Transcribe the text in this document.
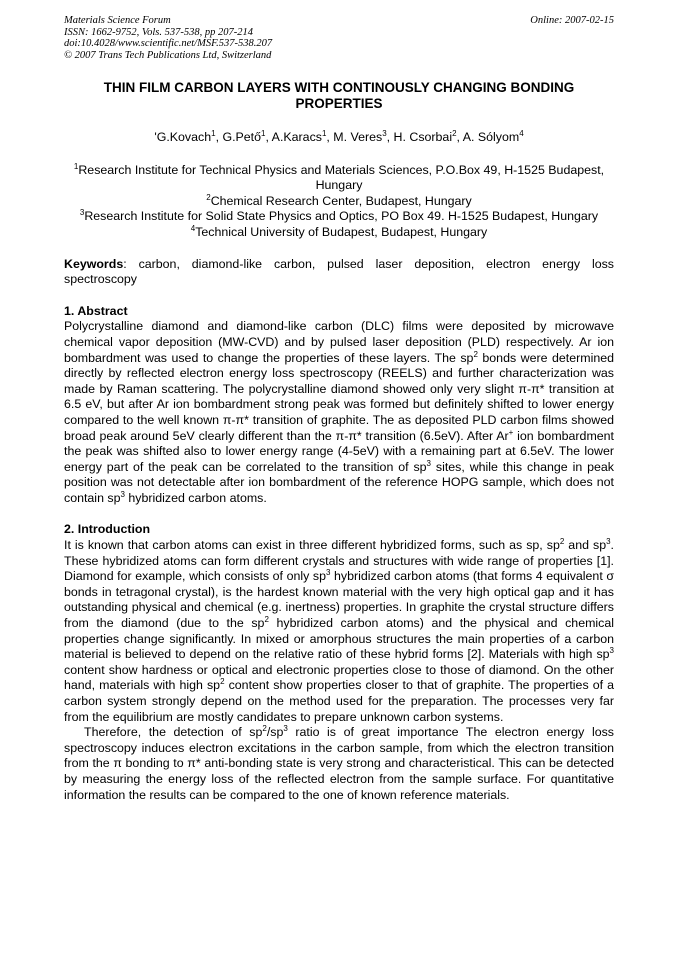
Materials Science Forum
ISSN: 1662-9752, Vols. 537-538, pp 207-214
doi:10.4028/www.scientific.net/MSF.537-538.207
© 2007 Trans Tech Publications Ltd, Switzerland
Online: 2007-02-15
THIN FILM CARBON LAYERS WITH CONTINOUSLY CHANGING BONDING PROPERTIES
'G.Kovach$^1$, G.Pető$^1$, A.Karacs$^1$, M. Veres$^3$, H. Csorbai$^2$, A. Sólyom$^4$
$^1$Research Institute for Technical Physics and Materials Sciences, P.O.Box 49, H-1525 Budapest, Hungary
$^2$Chemical Research Center, Budapest, Hungary
$^3$Research Institute for Solid State Physics and Optics, PO Box 49. H-1525 Budapest, Hungary
$^4$Technical University of Budapest, Budapest, Hungary
Keywords: carbon, diamond-like carbon, pulsed laser deposition, electron energy loss spectroscopy
1. Abstract
Polycrystalline diamond and diamond-like carbon (DLC) films were deposited by microwave chemical vapor deposition (MW-CVD) and by pulsed laser deposition (PLD) respectively. Ar ion bombardment was used to change the properties of these layers. The $sp^2$ bonds were determined directly by reflected electron energy loss spectroscopy (REELS) and further characterization was made by Raman scattering. The polycrystalline diamond showed only very slight π-π* transition at 6.5 eV, but after Ar ion bombardment strong peak was formed but definitely shifted to lower energy compared to the well known π-π* transition of graphite. The as deposited PLD carbon films showed broad peak around 5eV clearly different than the π-π* transition (6.5eV). After Ar+ ion bombardment the peak was shifted also to lower energy range (4-5eV) with a remaining part at 6.5eV. The lower energy part of the peak can be correlated to the transition of $sp^3$ sites, while this change in peak position was not detectable after ion bombardment of the reference HOPG sample, which does not contain $sp^3$ hybridized carbon atoms.
2. Introduction
It is known that carbon atoms can exist in three different hybridized forms, such as sp, $sp^2$ and $sp^3$. These hybridized atoms can form different crystals and structures with wide range of properties [1]. Diamond for example, which consists of only $sp^3$ hybridized carbon atoms (that forms 4 equivalent σ bonds in tetragonal crystal), is the hardest known material with the very high optical gap and it has outstanding physical and chemical (e.g. inertness) properties. In graphite the crystal structure differs from the diamond (due to the $sp^2$ hybridized carbon atoms) and the physical and chemical properties change significantly. In mixed or amorphous structures the main properties of a carbon material is believed to depend on the relative ratio of these hybrid forms [2]. Materials with high $sp^3$ content show hardness or optical and electronic properties close to those of diamond. On the other hand, materials with high $sp^2$ content show properties closer to that of graphite. The properties of a carbon system strongly depend on the method used for the preparation. The processes very far from the equilibrium are mostly candidates to prepare unknown carbon systems.
Therefore, the detection of $sp^2/sp^3$ ratio is of great importance The electron energy loss spectroscopy induces electron excitations in the carbon sample, from which the electron transition from the π bonding to π* anti-bonding state is very strong and characteristical. This can be detected by measuring the energy loss of the reflected electron from the sample surface. For quantitative information the results can be compared to the one of known reference materials.
